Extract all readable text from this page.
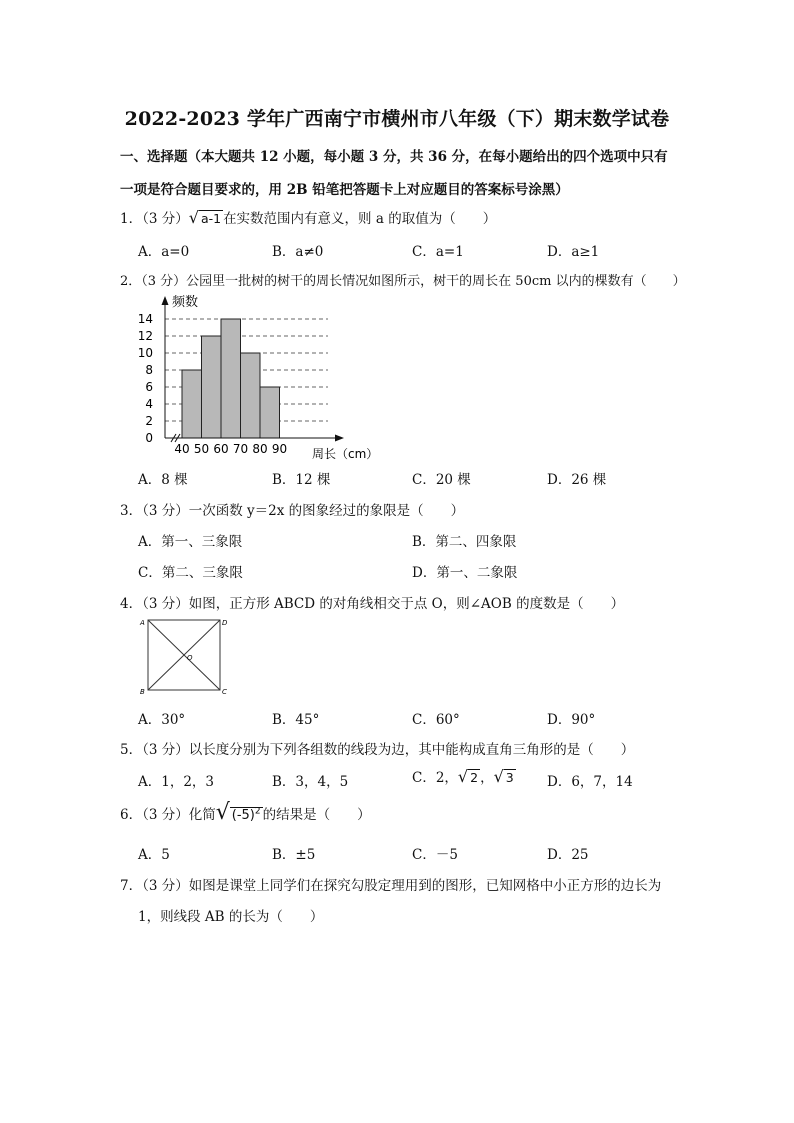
2022-2023 学年广西南宁市横州市八年级（下）期末数学试卷
一、选择题（本大题共 12 小题，每小题 3 分，共 36 分，在每小题给出的四个选项中只有
一项是符合题目要求的，用 2B 铅笔把答题卡上对应题目的答案标号涂黑）
1．（3 分）√ a-1 在实数范围内有意义，则 a 的取值为（　　）
A．a=0	B．a≠0	C．a=1	D．a≥1
2．（3 分）公园里一批树的树干的周长情况如图所示，树干的周长在 50cm 以内的棵数有（　　）
0
2
4
6
8
10
12
14
40 50 60 70 80 90
频数
周长（cm）
A．8 棵	B．12 棵	C．20 棵	D．26 棵
3．（3 分）一次函数 y＝2x 的图象经过的象限是（　　）
A．第一、三象限	B．第二、四象限
C．第二、三象限	D．第一、二象限
4．（3 分）如图，正方形 ABCD 的对角线相交于点 O，则∠AOB 的度数是（　　）
A	D
B	C
O
A．30°	B．45°	C．60°	D．90°
5．（3 分）以长度分别为下列各组数的线段为边，其中能构成直角三角形的是（　　）
A．1，2，3	B．3，4，5	C．2，√ 2 ，√ 3 D．6，7，14
6．（3 分）化简√ $(-5)^2$ 的结果是（　　）
A．5	B．±5	C．－5	D．25
7．（3 分）如图是课堂上同学们在探究勾股定理用到的图形，已知网格中小正方形的边长为
1，则线段 AB 的长为（　　）
